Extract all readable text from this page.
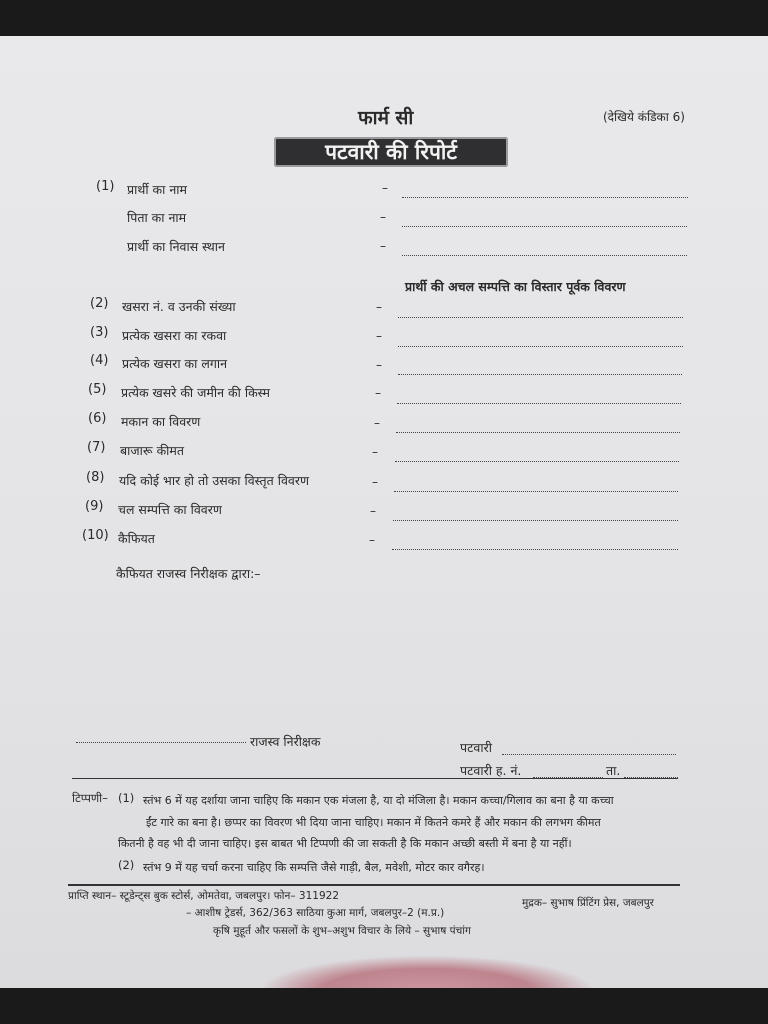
फार्म सी	(देखिये कंडिका 6)
पटवारी की रिपोर्ट
(1) प्रार्थी का नाम	–
पिता का नाम	–
प्रार्थी का निवास स्थान	–
प्रार्थी की अचल सम्पत्ति का विस्तार पूर्वक विवरण
(2) खसरा नं. व उनकी संख्या	–
(3) प्रत्येक खसरा का रकवा	–
(4) प्रत्येक खसरा का लगान	–
(5) प्रत्येक खसरे की जमीन की किस्म	–
(6) मकान का विवरण	–
(7) बाजारू कीमत	–
(8) यदि कोई भार हो तो उसका विस्तृत विवरण	–
(9) चल सम्पत्ति का विवरण	–
(10) कैफियत	–
कैफियत राजस्व निरीक्षक द्वारा:–
राजस्व निरीक्षक	पटवारी
पटवारी ह. नं.	ता.
टिप्पणी– (1) स्तंभ 6 में यह दर्शाया जाना चाहिए कि मकान एक मंजला है, या दो मंजिला है। मकान कच्चा/गिलाव का बना है या कच्चा
ईंट गारे का बना है। छप्पर का विवरण भी दिया जाना चाहिए। मकान में कितने कमरे हैं और मकान की लगभग कीमत
कितनी है वह भी दी जाना चाहिए। इस बाबत भी टिप्पणी की जा सकती है कि मकान अच्छी बस्ती में बना है या नहीं।
(2) स्तंभ 9 में यह चर्चा करना चाहिए कि सम्पत्ति जैसे गाड़ी, बैल, मवेशी, मोटर कार वगैरह।
प्राप्ति स्थान– स्टूडेन्ट्स बुक स्टोर्स, ओमतेवा, जबलपुर। फोन– 311922
मुद्रक– सुभाष प्रिंटिंग प्रेस, जबलपुर
– आशीष ट्रेडर्स, 362/363 साठिया कुआ मार्ग, जबलपुर–2 (म.प्र.)
कृषि मुहूर्त और फसलों के शुभ–अशुभ विचार के लिये – सुभाष पंचांग
